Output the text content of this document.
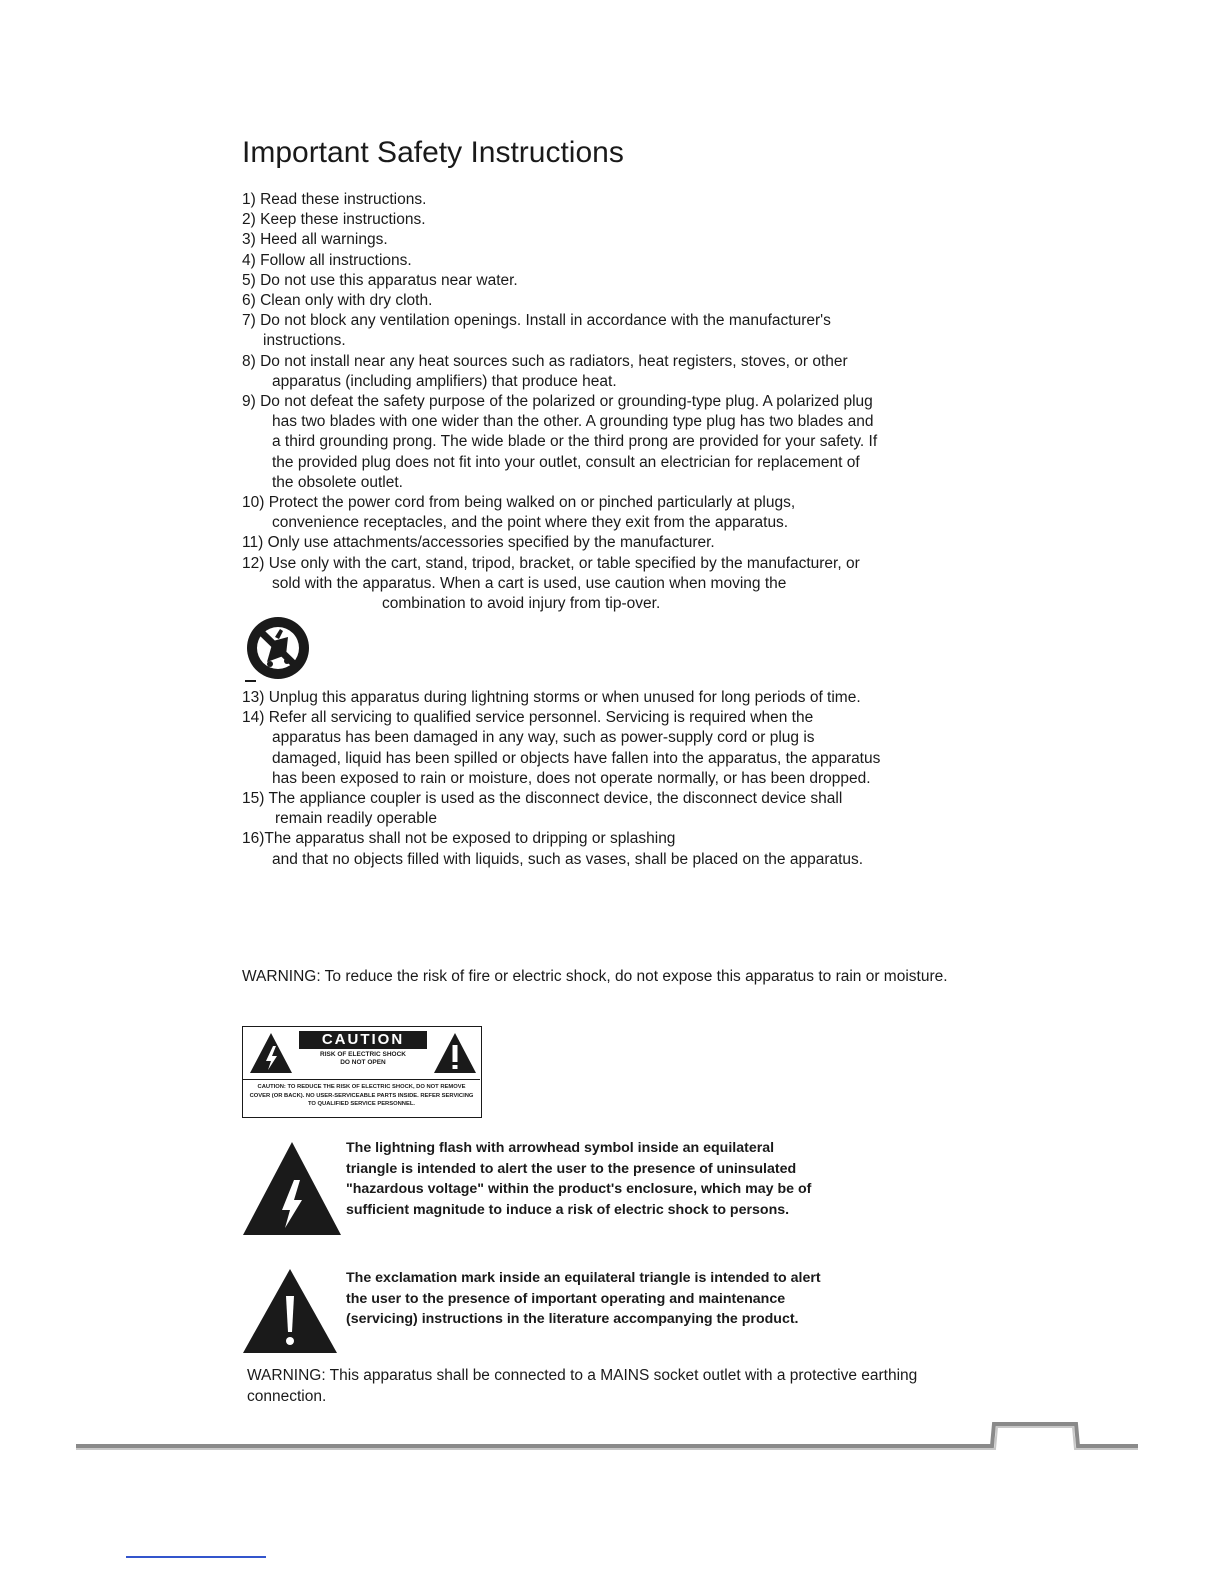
Important Safety Instructions

1) Read these instructions.

2) Keep these instructions.

3) Heed all warnings.

4) Follow all instructions.

5) Do not use this apparatus near water.

6) Clean only with dry cloth.

7) Do not block any ventilation openings. Install in accordance with the manufacturer's
instructions.

8) Do not install near any heat sources such as radiators, heat registers, stoves, or other
apparatus (including amplifiers) that produce heat.

9) Do not defeat the safety purpose of the polarized or grounding-type plug. A polarized plug
has two blades with one wider than the other. A grounding type plug has two blades and
a third grounding prong. The wide blade or the third prong are provided for your safety. If
the provided plug does not fit into your outlet, consult an electrician for replacement of
the obsolete outlet.

10) Protect the power cord from being walked on or pinched particularly at plugs,
convenience receptacles, and the point where they exit from the apparatus.

11) Only use attachments/accessories specified by the manufacturer.

12) Use only with the cart, stand, tripod, bracket, or table specified by the manufacturer, or
sold with the apparatus. When a cart is used, use caution when moving the
combination to avoid injury from tip-over.

13) Unplug this apparatus during lightning storms or when unused for long periods of time.

14) Refer all servicing to qualified service personnel. Servicing is required when the
apparatus has been damaged in any way, such as power-supply cord or plug is
damaged, liquid has been spilled or objects have fallen into the apparatus, the apparatus
has been exposed to rain or moisture, does not operate normally, or has been dropped.

15) The appliance coupler is used as the disconnect device, the disconnect device shall
remain readily operable

16)The apparatus shall not be exposed to dripping or splashing
and that no objects filled with liquids, such as vases, shall be placed on the apparatus.

WARNING: To reduce the risk of fire or electric shock, do not expose this apparatus to rain or moisture.

CAUTION
RISK OF ELECTRIC SHOCK
DO NOT OPEN
CAUTION: TO REDUCE THE RISK OF ELECTRIC SHOCK, DO NOT REMOVE COVER (OR BACK). NO USER-SERVICEABLE PARTS INSIDE. REFER SERVICING TO QUALIFIED SERVICE PERSONNEL.
The lightning flash with arrowhead symbol inside an equilateral triangle is intended to alert the user to the presence of uninsulated "hazardous voltage" within the product's enclosure, which may be of sufficient magnitude to induce a risk of electric shock to persons.
The exclamation mark inside an equilateral triangle is intended to alert the user to the presence of important operating and maintenance (servicing) instructions in the literature accompanying the product.

WARNING: This apparatus shall be connected to a MAINS socket outlet with a protective earthing connection.
